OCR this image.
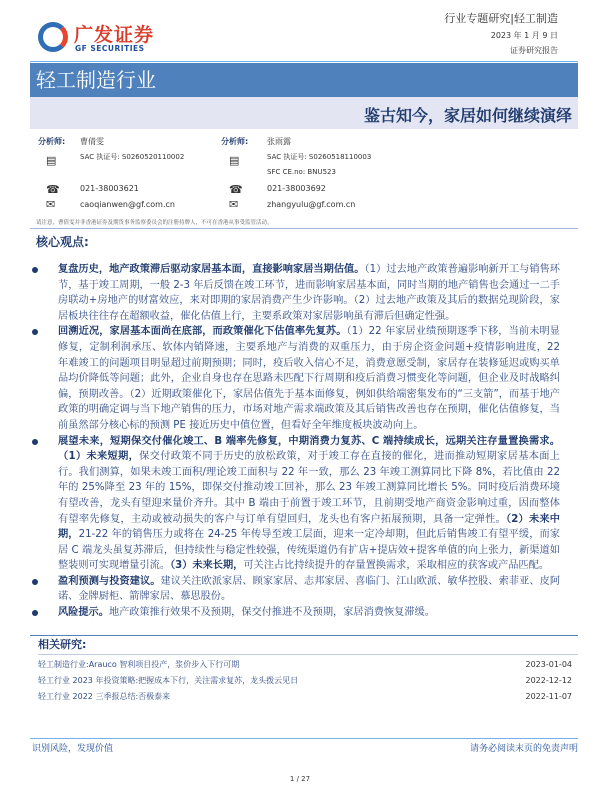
广发证券
GF SECURITIES
行业专题研究|轻工制造
2023 年 1 月 9 日
证券研究报告
轻工制造行业
鉴古知今，家居如何继续演绎
分析师: 曹倩雯
▤	SAC 执证号: S0260520110002
☎	021-38003621
✉	caoqianwen@gf.com.cn
分析师: 张雨露
▤	SAC 执证号: S0260518110003
SFC CE.no: BNU523
☎	021-38003692
✉	zhangyulu@gf.com.cn
请注意，曹倩雯并非香港证券及期货事务监察委员会的注册持牌人，不可在香港从事受监管活动。
核心观点:
复盘历史，地产政策滞后驱动家居基本面，直接影响家居当期估值。（1）过去地产政策普遍影响新开工与销售环节，基于竣工周期，一般 2-3 年后反馈在竣工环节，进而影响家居基本面，同时当期的地产销售也会通过一二手房联动+房地产的财富效应，来对即期的家居消费产生少许影响。（2）过去地产政策及其后的数据兑现阶段，家居板块往往存在超额收益，催化估值上行，主要系政策对家居影响虽有滞后但确定性强。
回溯近况，家居基本面尚在底部，而政策催化下估值率先复苏。（1）22 年家居业绩预期逐季下移，当前未明显修复，定制利润承压、软体内销降速，主要系地产与消费的双重压力，由于房企资金问题+疫情影响进度，22 年难竣工的问题项目明显超过前期预期；同时，疫后收入信心不足，消费意愿受制，家居存在装修延迟或购买单品均价降低等问题；此外，企业自身也存在思路未匹配下行周期和疫后消费习惯变化等问题，但企业及时战略纠偏，预期改善。（2）近期政策催化下，家居估值先于基本面修复，例如供给端密集发布的“三支箭”，而基于地产政策的明确定调与当下地产销售的压力，市场对地产需求端政策及其后销售改善也存在预期，催化估值修复，当前虽然部分核心标的预测 PE 接近历史中值位置，但看好全年维度板块波动向上。
展望未来，短期保交付催化竣工、B 端率先修复，中期消费力复苏、C 端持续成长，远期关注存量置换需求。（1）未来短期，保交付政策不同于历史的放松政策，对于竣工存在直接的催化，进而推动短期家居基本面上行。我们测算，如果未竣工面积/理论竣工面积与 22 年一致，那么 23 年竣工测算同比下降 8%，若比值由 22 年的 25%降至 23 年的 15%，即保交付推动竣工回补，那么 23 年竣工测算同比增长 5%。同时疫后消费环境有望改善，龙头有望迎来量价齐升。其中 B 端由于前置于竣工环节，且前期受地产商资金影响过重，因而整体有望率先修复，主动或被动损失的客户与订单有望回归，龙头也有客户拓展预期，具备一定弹性。（2）未来中期，21-22 年的销售压力或将在 24-25 年传导至竣工层面，迎来一定冷却期，但此后销售竣工有望平缓，而家居 C 端龙头虽复苏滞后，但持续性与稳定性较强，传统渠道仍有扩店+提店效+提客单值的向上张力，新渠道如整装则可实现增量引流。（3）未来长期，可关注占比持续提升的存量置换需求，采取相应的获客或产品匹配。
盈利预测与投资建议。建议关注欧派家居、顾家家居、志邦家居、喜临门、江山欧派、敏华控股、索菲亚、皮阿诺、金牌厨柜、箭牌家居、慕思股份。
风险提示。地产政策推行效果不及预期，保交付推进不及预期，家居消费恢复滞缓。
相关研究:
轻工制造行业:Arauco 智利项目投产，浆价步入下行可期	2023-01-04
轻工行业 2023 年投资策略:把握成本下行，关注需求复苏，龙头拨云见日	2022-12-12
轻工行业 2022 三季报总结:否极泰来	2022-11-07
识别风险，发现价值	请务必阅读末页的免责声明
1 / 27
